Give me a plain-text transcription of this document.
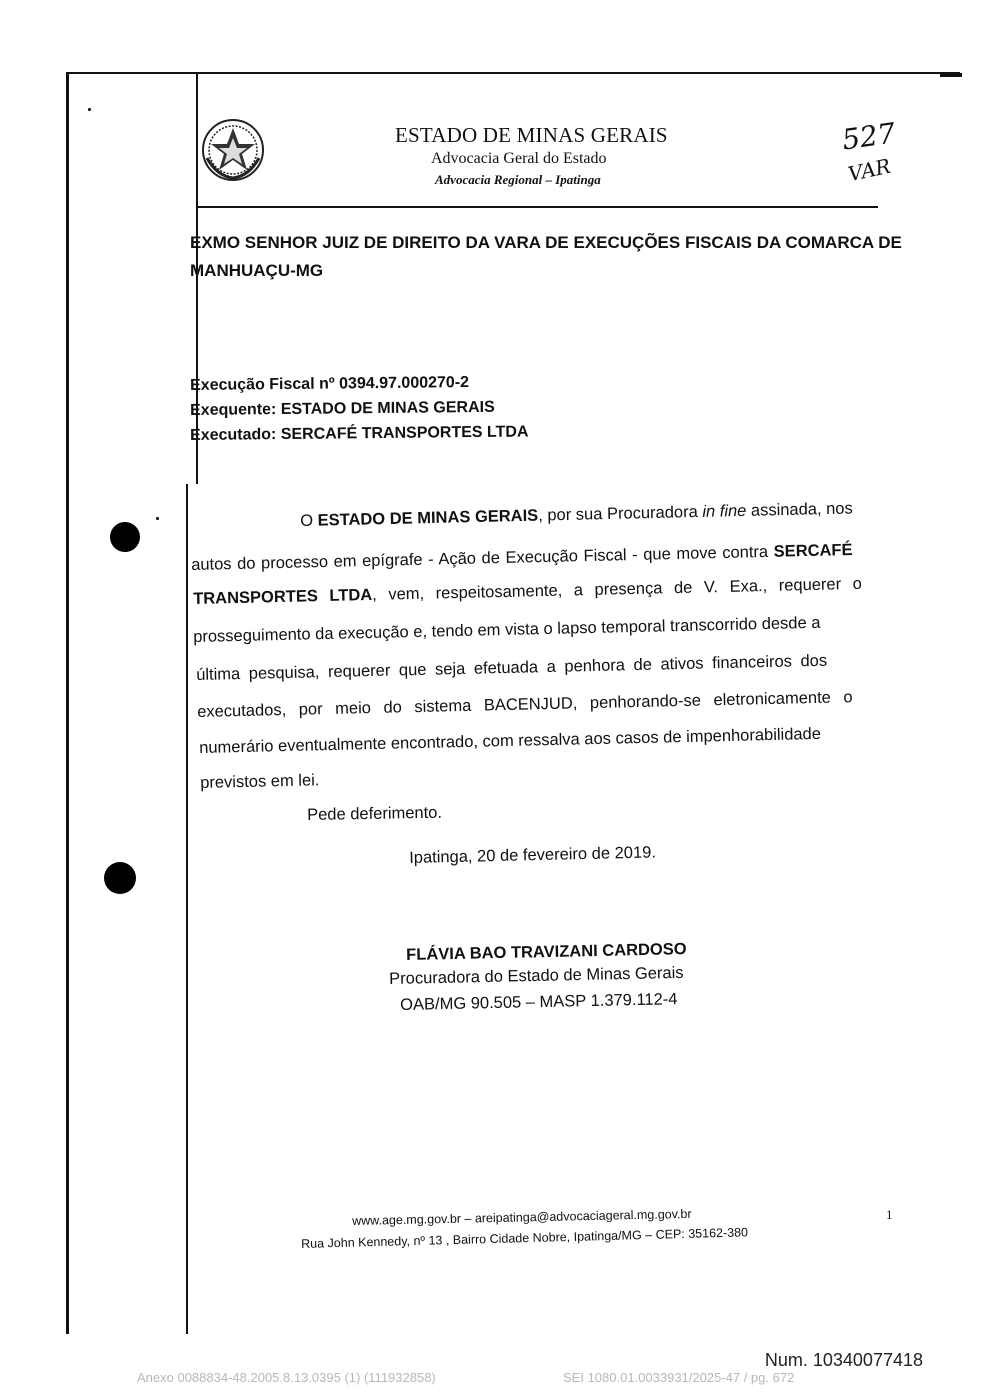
ESTADO DE MINAS GERAIS
Advocacia Geral do Estado
Advocacia Regional – Ipatinga
527
VAR
EXMO SENHOR JUIZ DE DIREITO DA VARA DE EXECUÇÕES FISCAIS DA COMARCA DE
MANHUAÇU-MG
Execução Fiscal nº 0394.97.000270-2
Exequente: ESTADO DE MINAS GERAIS
Executado: SERCAFÉ TRANSPORTES LTDA
O ESTADO DE MINAS GERAIS, por sua Procuradora in fine assinada, nos
autos do processo em epígrafe - Ação de Execução Fiscal - que move contra SERCAFÉ
TRANSPORTES LTDA, vem, respeitosamente, a presença de V. Exa., requerer o
prosseguimento da execução e, tendo em vista o lapso temporal transcorrido desde a
última pesquisa, requerer que seja efetuada a penhora de ativos financeiros dos
executados, por meio do sistema BACENJUD, penhorando-se eletronicamente o
numerário eventualmente encontrado, com ressalva aos casos de impenhorabilidade
previstos em lei.
Pede deferimento.
Ipatinga, 20 de fevereiro de 2019.
FLÁVIA BAO TRAVIZANI CARDOSO
Procuradora do Estado de Minas Gerais
OAB/MG 90.505 – MASP 1.379.112-4
www.age.mg.gov.br – areipatinga@advocaciageral.mg.gov.br
Rua John Kennedy, nº 13 , Bairro Cidade Nobre, Ipatinga/MG – CEP: 35162-380
1
Num. 10340077418
Anexo 0088834-48.2005.8.13.0395 (1) (111932858)	SEI 1080.01.0033931/2025-47 / pg. 672
